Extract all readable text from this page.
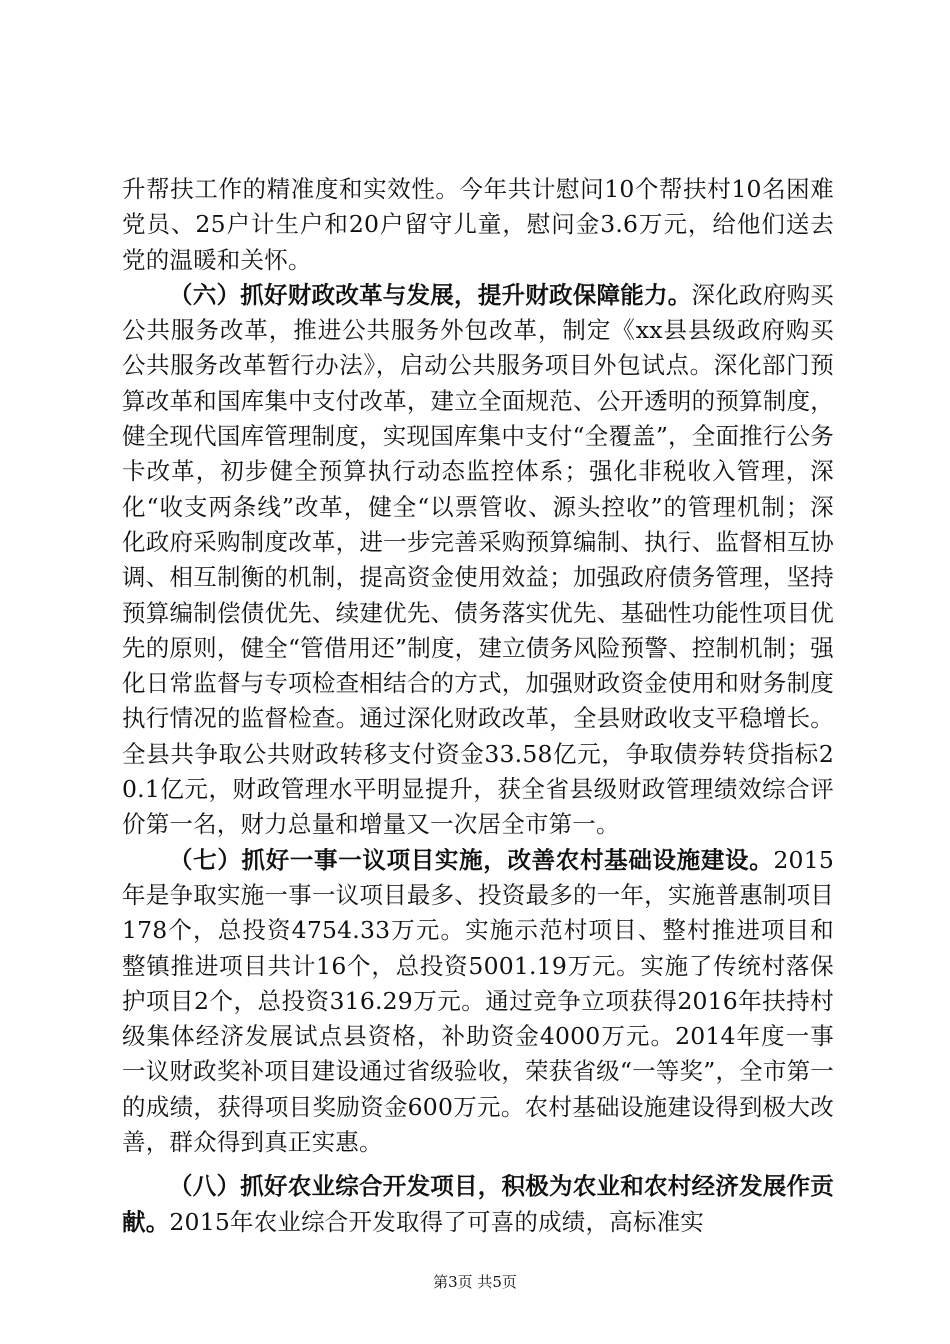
升帮扶工作的精准度和实效性。今年共计慰问10个帮扶村10名困难党员、25户计生户和20户留守儿童，慰问金3.6万元，给他们送去党的温暖和关怀。

（六）抓好财政改革与发展，提升财政保障能力。深化政府购买公共服务改革，推进公共服务外包改革，制定《xx县县级政府购买公共服务改革暂行办法》，启动公共服务项目外包试点。深化部门预算改革和国库集中支付改革，建立全面规范、公开透明的预算制度，健全现代国库管理制度，实现国库集中支付“全覆盖”，全面推行公务卡改革，初步健全预算执行动态监控体系；强化非税收入管理，深化“收支两条线”改革，健全“以票管收、源头控收”的管理机制；深化政府采购制度改革，进一步完善采购预算编制、执行、监督相互协调、相互制衡的机制，提高资金使用效益；加强政府债务管理，坚持预算编制偿债优先、续建优先、债务落实优先、基础性功能性项目优先的原则，健全“管借用还”制度，建立债务风险预警、控制机制；强化日常监督与专项检查相结合的方式，加强财政资金使用和财务制度执行情况的监督检查。通过深化财政改革，全县财政收支平稳增长。全县共争取公共财政转移支付资金33.58亿元，争取债券转贷指标20.1亿元，财政管理水平明显提升，获全省县级财政管理绩效综合评价第一名，财力总量和增量又一次居全市第一。

（七）抓好一事一议项目实施，改善农村基础设施建设。2015年是争取实施一事一议项目最多、投资最多的一年，实施普惠制项目178个，总投资4754.33万元。实施示范村项目、整村推进项目和整镇推进项目共计16个，总投资5001.19万元。实施了传统村落保护项目2个，总投资316.29万元。通过竞争立项获得2016年扶持村级集体经济发展试点县资格，补助资金4000万元。2014年度一事一议财政奖补项目建设通过省级验收，荣获省级“一等奖”，全市第一的成绩，获得项目奖励资金600万元。农村基础设施建设得到极大改善，群众得到真正实惠。

（八）抓好农业综合开发项目，积极为农业和农村经济发展作贡献。2015年农业综合开发取得了可喜的成绩，高标准实

第3页 共5页
